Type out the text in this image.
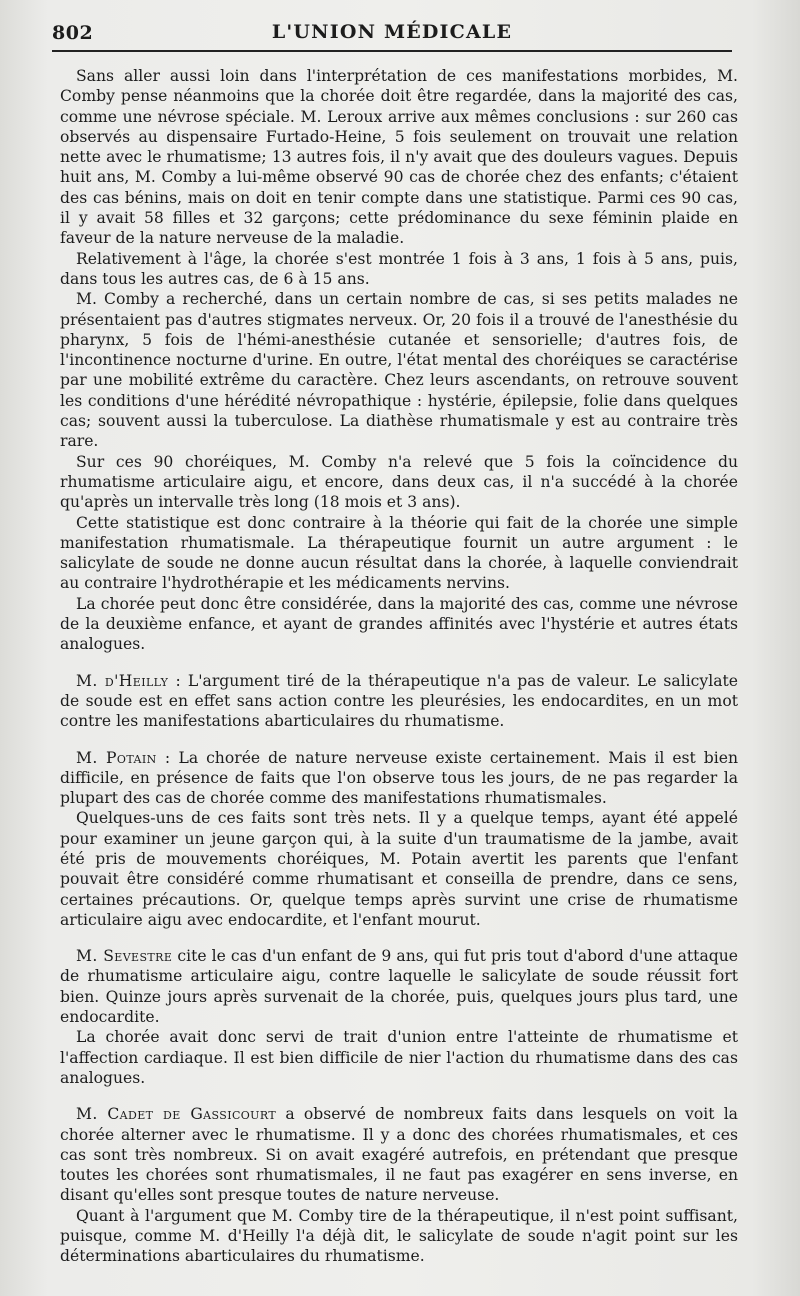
802	L'UNION MÉDICALE

Sans aller aussi loin dans l'interprétation de ces manifestations morbides, M. Comby pense néanmoins que la chorée doit être regardée, dans la majorité des cas, comme une névrose spéciale. M. Leroux arrive aux mêmes conclusions : sur 260 cas observés au dispensaire Furtado-Heine, 5 fois seulement on trouvait une relation nette avec le rhumatisme; 13 autres fois, il n'y avait que des douleurs vagues. Depuis huit ans, M. Comby a lui-même observé 90 cas de chorée chez des enfants; c'étaient des cas bénins, mais on doit en tenir compte dans une statistique. Parmi ces 90 cas, il y avait 58 filles et 32 garçons; cette prédominance du sexe féminin plaide en faveur de la nature nerveuse de la maladie.

Relativement à l'âge, la chorée s'est montrée 1 fois à 3 ans, 1 fois à 5 ans, puis, dans tous les autres cas, de 6 à 15 ans.

M. Comby a recherché, dans un certain nombre de cas, si ses petits malades ne présentaient pas d'autres stigmates nerveux. Or, 20 fois il a trouvé de l'anesthésie du pharynx, 5 fois de l'hémi-anesthésie cutanée et sensorielle; d'autres fois, de l'incontinence nocturne d'urine. En outre, l'état mental des choréiques se caractérise par une mobilité extrême du caractère. Chez leurs ascendants, on retrouve souvent les conditions d'une hérédité névropathique : hystérie, épilepsie, folie dans quelques cas; souvent aussi la tuberculose. La diathèse rhumatismale y est au contraire très rare.

Sur ces 90 choréiques, M. Comby n'a relevé que 5 fois la coïncidence du rhumatisme articulaire aigu, et encore, dans deux cas, il n'a succédé à la chorée qu'après un intervalle très long (18 mois et 3 ans).

Cette statistique est donc contraire à la théorie qui fait de la chorée une simple manifestation rhumatismale. La thérapeutique fournit un autre argument : le salicylate de soude ne donne aucun résultat dans la chorée, à laquelle conviendrait au contraire l'hydrothérapie et les médicaments nervins.

La chorée peut donc être considérée, dans la majorité des cas, comme une névrose de la deuxième enfance, et ayant de grandes affinités avec l'hystérie et autres états analogues.

M. d'Heilly : L'argument tiré de la thérapeutique n'a pas de valeur. Le salicylate de soude est en effet sans action contre les pleurésies, les endocardites, en un mot contre les manifestations abarticulaires du rhumatisme.

M. Potain : La chorée de nature nerveuse existe certainement. Mais il est bien difficile, en présence de faits que l'on observe tous les jours, de ne pas regarder la plupart des cas de chorée comme des manifestations rhumatismales.

Quelques-uns de ces faits sont très nets. Il y a quelque temps, ayant été appelé pour examiner un jeune garçon qui, à la suite d'un traumatisme de la jambe, avait été pris de mouvements choréiques, M. Potain avertit les parents que l'enfant pouvait être considéré comme rhumatisant et conseilla de prendre, dans ce sens, certaines précautions. Or, quelque temps après survint une crise de rhumatisme articulaire aigu avec endocardite, et l'enfant mourut.

M. Sevestre cite le cas d'un enfant de 9 ans, qui fut pris tout d'abord d'une attaque de rhumatisme articulaire aigu, contre laquelle le salicylate de soude réussit fort bien. Quinze jours après survenait de la chorée, puis, quelques jours plus tard, une endocardite.

La chorée avait donc servi de trait d'union entre l'atteinte de rhumatisme et l'affection cardiaque. Il est bien difficile de nier l'action du rhumatisme dans des cas analogues.

M. Cadet de Gassicourt a observé de nombreux faits dans lesquels on voit la chorée alterner avec le rhumatisme. Il y a donc des chorées rhumatismales, et ces cas sont très nombreux. Si on avait exagéré autrefois, en prétendant que presque toutes les chorées sont rhumatismales, il ne faut pas exagérer en sens inverse, en disant qu'elles sont presque toutes de nature nerveuse.

Quant à l'argument que M. Comby tire de la thérapeutique, il n'est point suffisant, puisque, comme M. d'Heilly l'a déjà dit, le salicylate de soude n'agit point sur les déterminations abarticulaires du rhumatisme.
